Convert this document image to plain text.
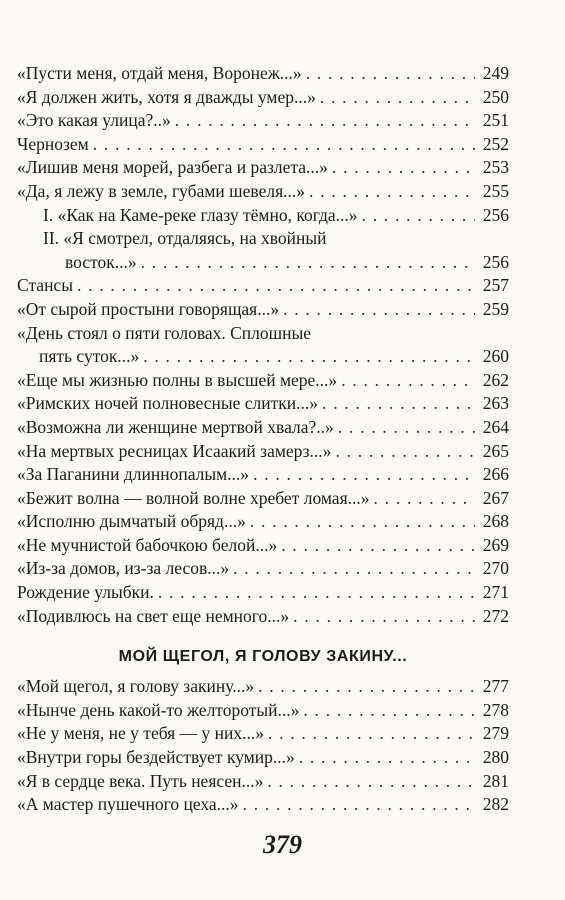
«Пусти меня, отдай меня, Воронеж...» . . .	249
«Я должен жить, хотя я дважды умер...» . . .	250
«Это какая улица?..» . . .	251
Чернозем . . .	252
«Лишив меня морей, разбега и разлета...» . . .	253
«Да, я лежу в земле, губами шевеля...» . . .	255
I. «Как на Каме-реке глазу тёмно, когда...» . . .	256
II. «Я смотрел, отдаляясь, на хвойный
восток...» . . .	256
Стансы . . .	257
«От сырой простыни говорящая...» . . .	259
«День стоял о пяти головах. Сплошные
пять суток...» . . .	260
«Еще мы жизнью полны в высшей мере...» . . .	262
«Римских ночей полновесные слитки...» . . .	263
«Возможна ли женщине мертвой хвала?..» . . .	264
«На мертвых ресницах Исаакий замерз...» . . .	265
«За Паганини длиннопалым...» . . .	266
«Бежит волна — волной волне хребет ломая...» . . .	267
«Исполню дымчатый обряд...» . . .	268
«Не мучнистой бабочкою белой...» . . .	269
«Из-за домов, из-за лесов...» . . .	270
Рождение улыбки. . . .	271
«Подивлюсь на свет еще немного...» . . .	272
МОЙ ЩЕГОЛ, Я ГОЛОВУ ЗАКИНУ...
«Мой щегол, я голову закину...» . . .	277
«Нынче день какой-то желторотый...» . . .	278
«Не у меня, не у тебя — у них...» . . .	279
«Внутри горы бездействует кумир...» . . .	280
«Я в сердце века. Путь неясен...» . . .	281
«А мастер пушечного цеха...» . . .	282
379
